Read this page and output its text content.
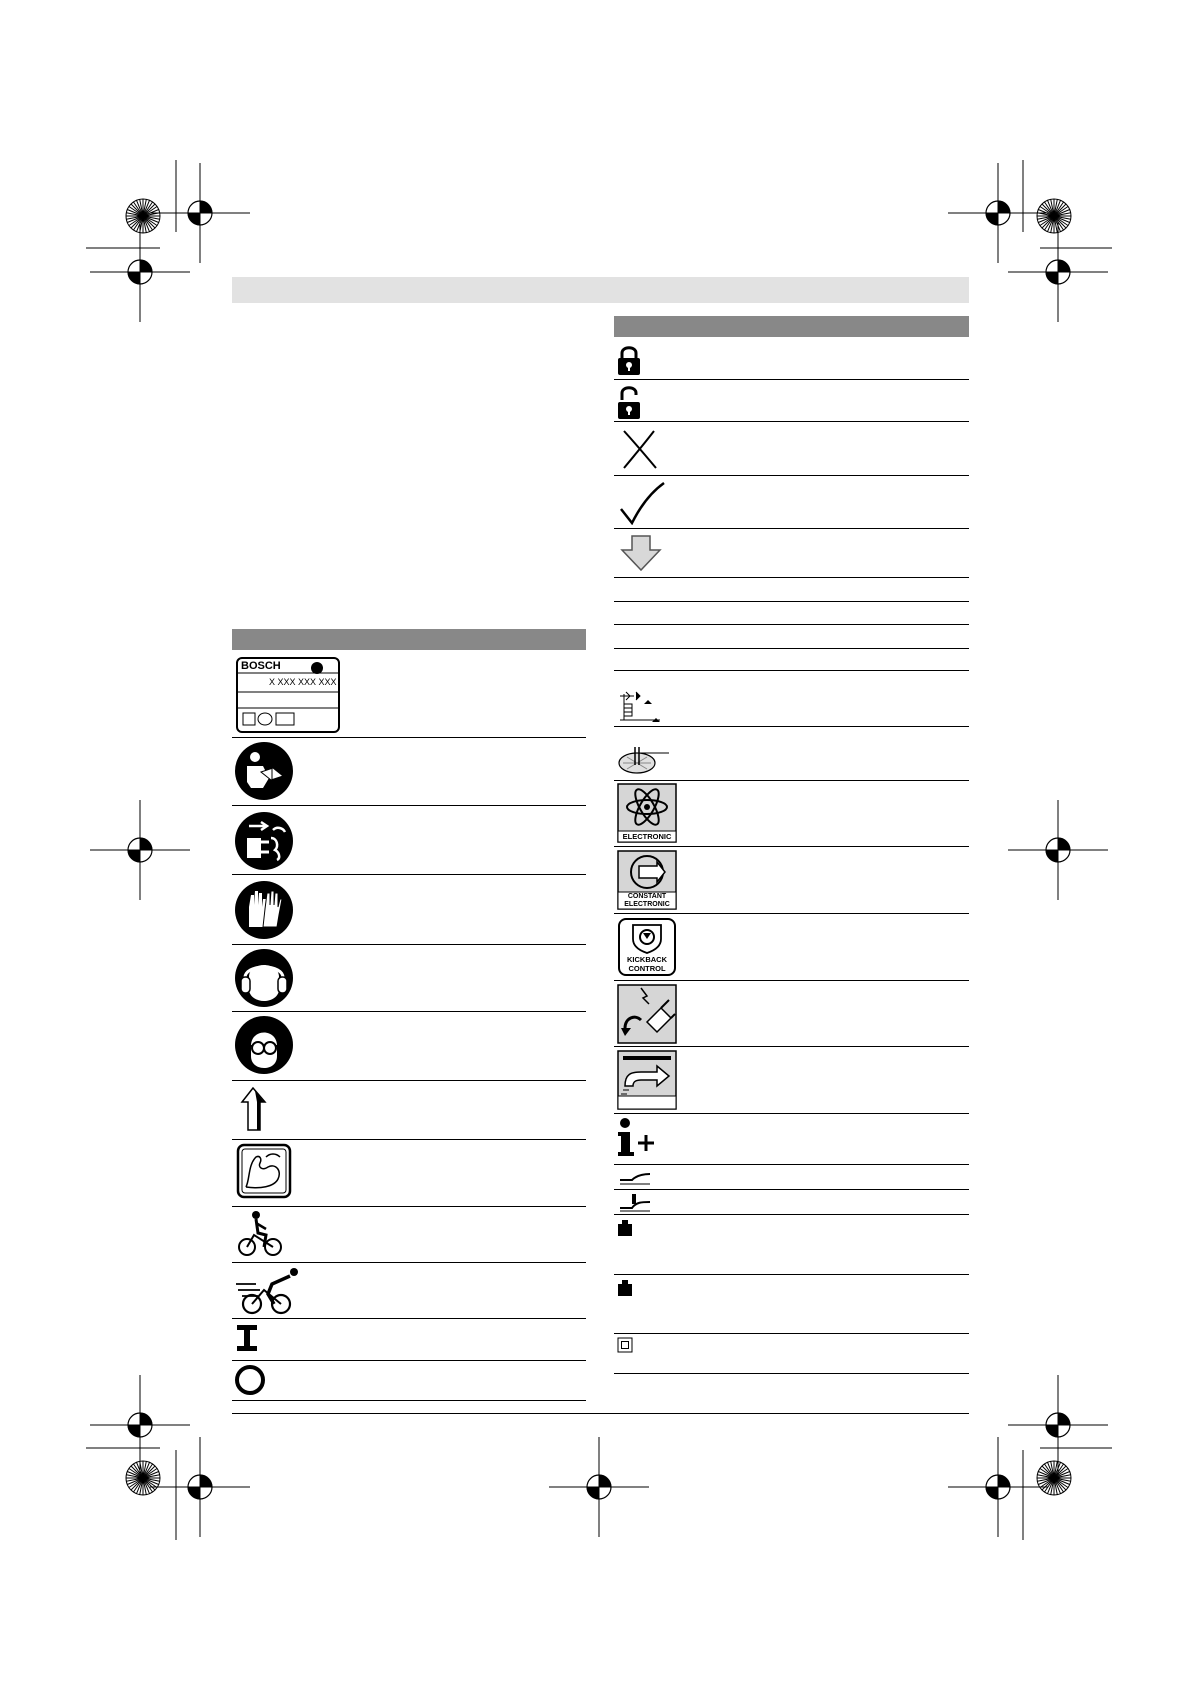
BOSCH
X XXX XXX XXX
ELECTRONIC
CONSTANT
ELECTRONIC
KICKBACK
CONTROL
